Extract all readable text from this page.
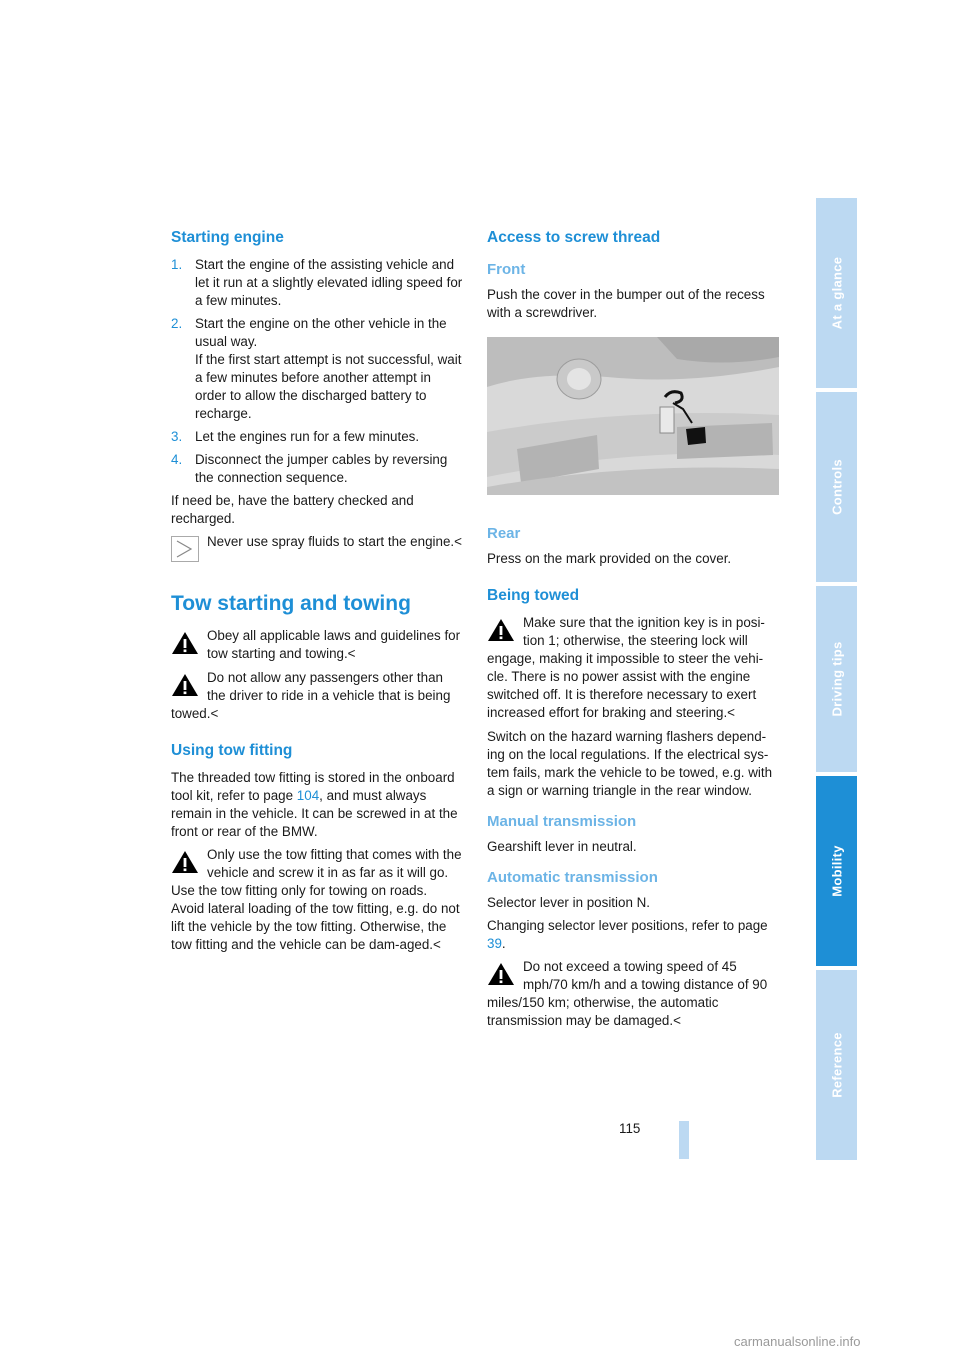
Starting engine
1. Start the engine of the assisting vehicle and let it run at a slightly elevated idling speed for a few minutes.
2. Start the engine on the other vehicle in the usual way.
If the first start attempt is not successful, wait a few minutes before another attempt in order to allow the discharged battery to recharge.
3. Let the engines run for a few minutes.
4. Disconnect the jumper cables by reversing the connection sequence.

If need be, have the battery checked and recharged.

Never use spray fluids to start the engine.<
Tow starting and towing
Obey all applicable laws and guidelines for tow starting and towing.<
Do not allow any passengers other than the driver to ride in a vehicle that is being towed.<
Using tow fitting

The threaded tow fitting is stored in the onboard tool kit, refer to page 104, and must always remain in the vehicle. It can be screwed in at the front or rear of the BMW.

Only use the tow fitting that comes with the vehicle and screw it in as far as it will go. Use the tow fitting only for towing on roads. Avoid lateral loading of the tow fitting, e.g. do not lift the vehicle by the tow fitting. Otherwise, the tow fitting and the vehicle can be dam-aged.<
Access to screw thread
Front

Push the cover in the bumper out of the recess with a screwdriver.

Rear

Press on the mark provided on the cover.

Being towed
Make sure that the ignition key is in posi-tion 1; otherwise, the steering lock will engage, making it impossible to steer the vehi-cle. There is no power assist with the engine switched off. It is therefore necessary to exert increased effort for braking and steering.<

Switch on the hazard warning flashers depend-ing on the local regulations. If the electrical sys-tem fails, mark the vehicle to be towed, e.g. with a sign or warning triangle in the rear window.

Manual transmission

Gearshift lever in neutral.

Automatic transmission

Selector lever in position N.

Changing selector lever positions, refer to page 39.

Do not exceed a towing speed of 45 mph/70 km/h and a towing distance of 90 miles/150 km; otherwise, the automatic transmission may be damaged.<
115
At a glance
Controls
Driving tips
Mobility
Reference
carmanualsonline.info
